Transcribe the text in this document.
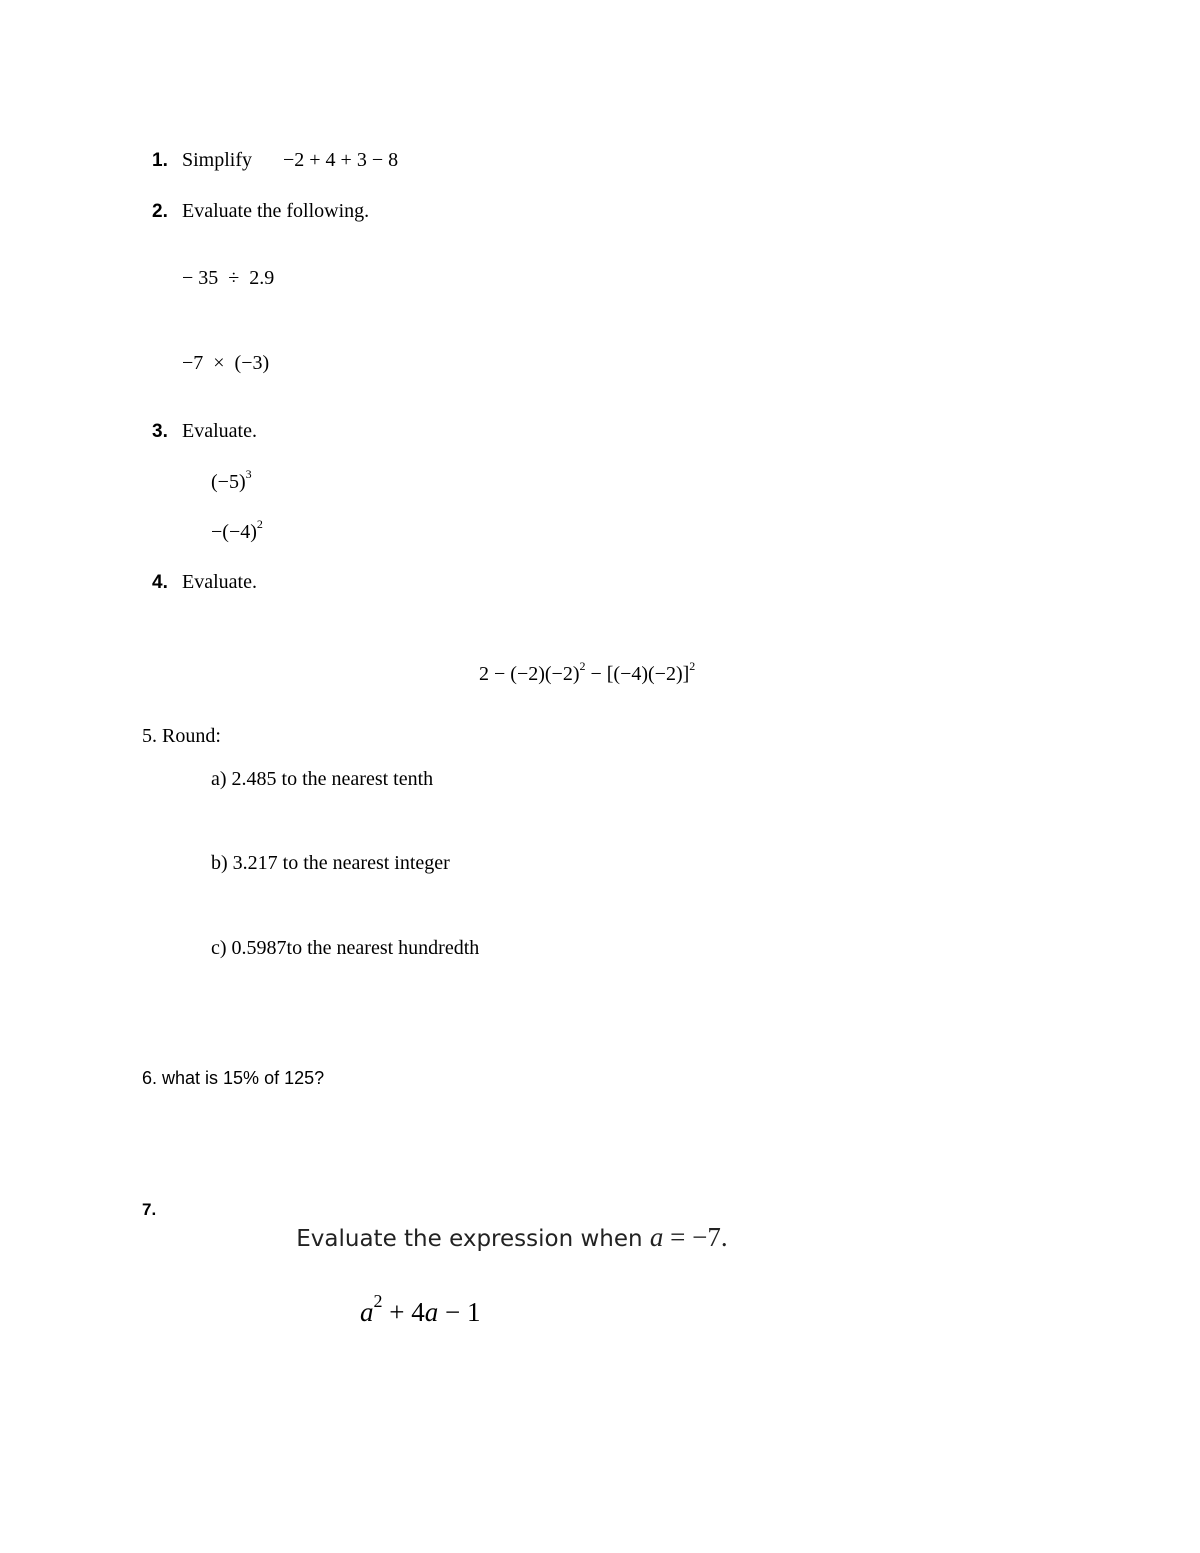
1. Simplify −2 + 4 + 3 − 8
2. Evaluate the following.
− 35  ÷  2.9
−7  ×  (−3)
3. Evaluate.
$(-5)^3$
$-(-4)^2$
4. Evaluate.

$2 - (-2)(-2)^2 - [(-4)(-2)]^2$

5. Round:
a) 2.485 to the nearest tenth
b) 3.217 to the nearest integer
c) 0.5987to the nearest hundredth
6. what is 15% of 125?
7.

Evaluate the expression when a = −7.

$a^2 + 4a - 1$
